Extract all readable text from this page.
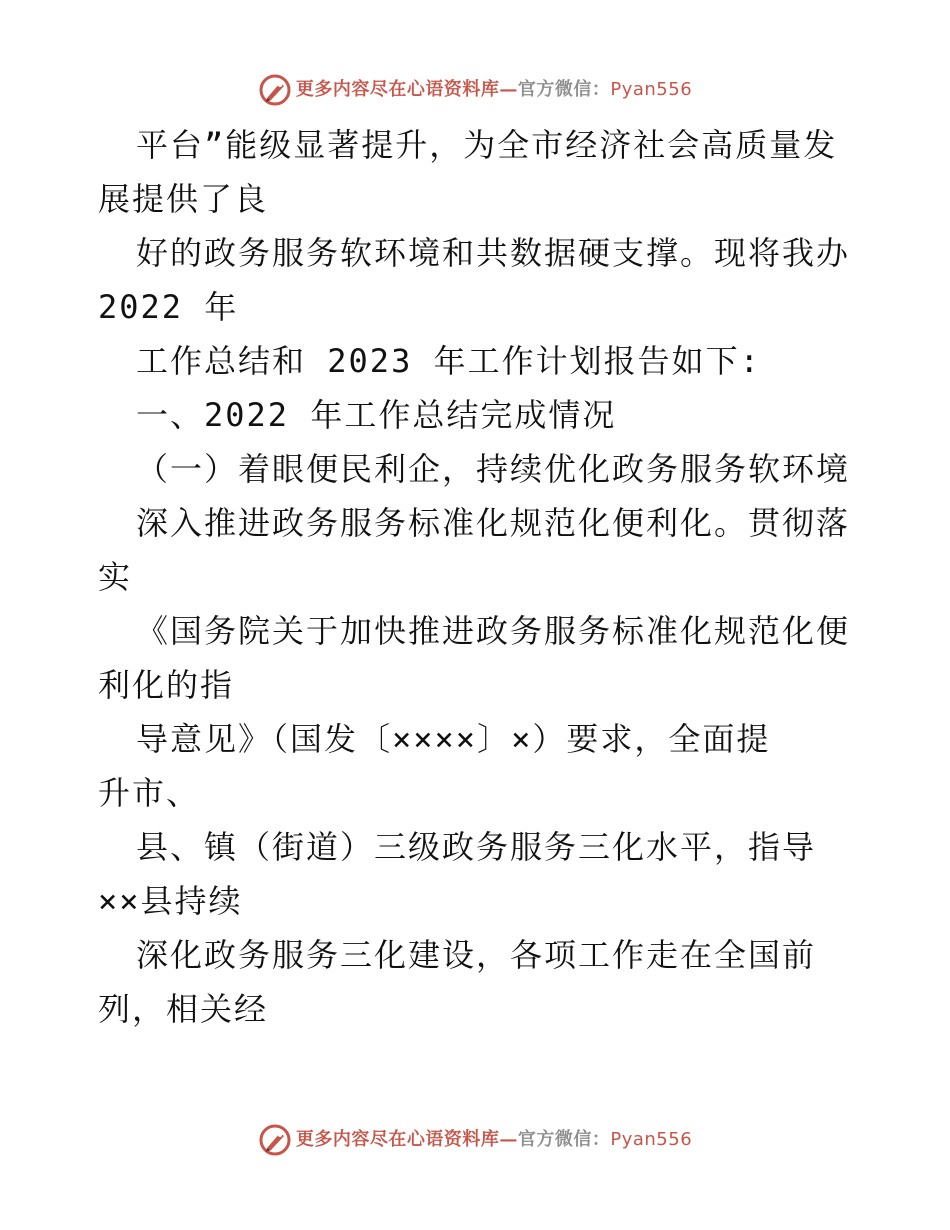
更多内容尽在心语资料库—官方微信：Pyan556
平台”能级显著提升，为全市经济社会高质量发
展提供了良
好的政务服务软环境和共数据硬支撑。现将我办
2022 年
工作总结和 2023 年工作计划报告如下:
一、2022 年工作总结完成情况
（一）着眼便民利企，持续优化政务服务软环境
深入推进政务服务标准化规范化便利化。贯彻落
实
《国务院关于加快推进政务服务标准化规范化便
利化的指
导意见》（国发〔××××〕×）要求，全面提
升市、
县、镇（街道）三级政务服务三化水平，指导
××县持续
深化政务服务三化建设，各项工作走在全国前
列，相关经
更多内容尽在心语资料库—官方微信：Pyan556
